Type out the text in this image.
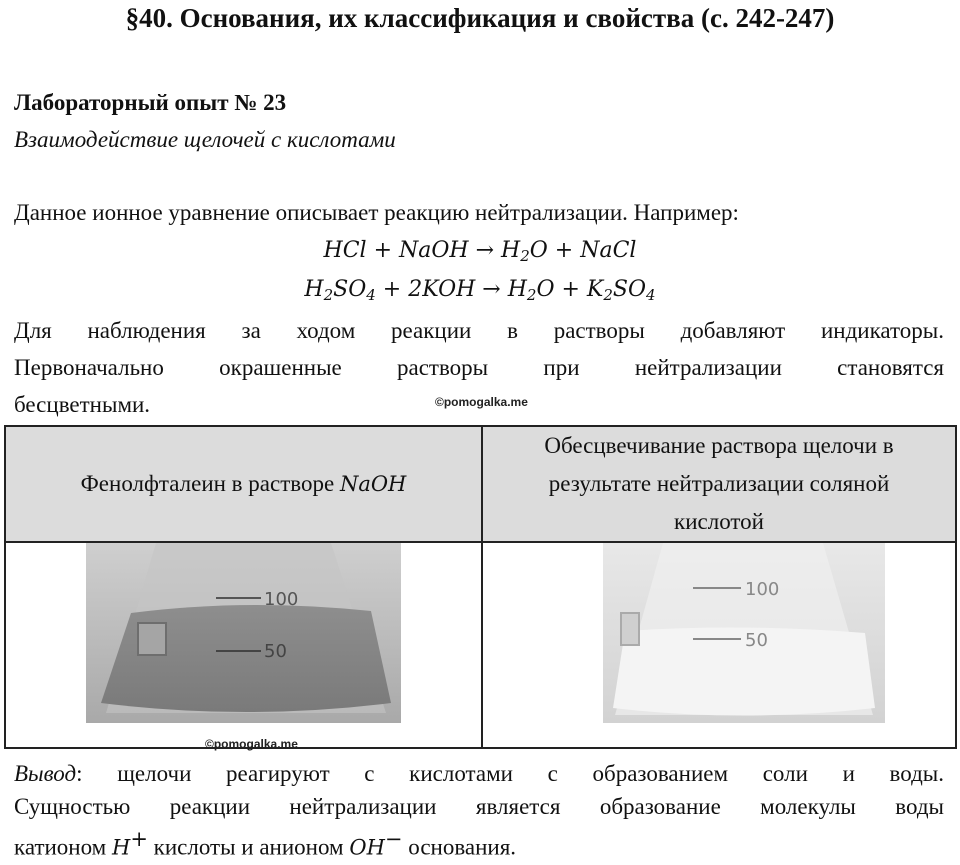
§40. Основания, их классификация и свойства (с. 242-247)
Лабораторный опыт № 23
Взаимодействие щелочей с кислотами
Данное ионное уравнение описывает реакцию нейтрализации. Например:
HCl + NaOH → $H_2O$ + NaCl
$H_2SO_4 + 2KOH \to H_2O + K_2SO_4$
Для наблюдения за ходом реакции в растворы добавляют индикаторы.
Первоначально окрашенные растворы при нейтрализации становятся
бесцветными.	©pomogalka.me
Фенолфталеин в растворе NaOH	Обесцвечивание раствора щелочи в
результате нейтрализации соляной
кислотой

100
50	100
50
©pomogalka.me
Вывод: щелочи реагируют с кислотами с образованием соли и воды.
Сущностью реакции нейтрализации является образование молекулы воды
катионом H+ кислоты и анионом OH− основания.
